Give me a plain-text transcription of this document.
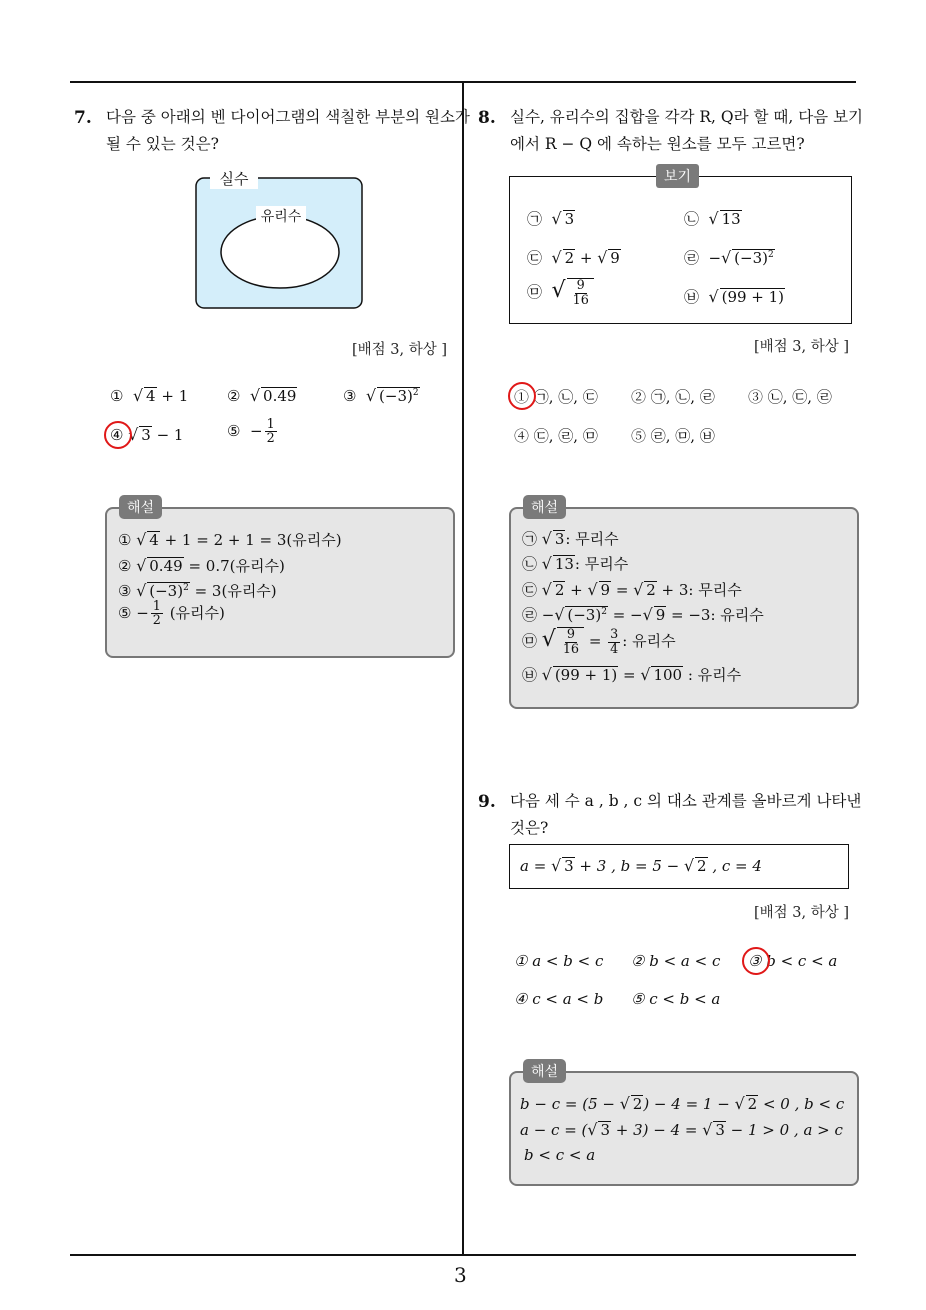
3
7. 다음 중 아래의 벤 다이어그램의 색칠한 부분의 원소가
될 수 있는 것은?
실수
유리수
[배점 3, 하상 ]
① √ 4 + 1	② √ 0.49	③ √ $(-3)^2$
④ √ 3 − 1	⑤  − $\frac{1}{2}$
해설
① √ 4 + 1 = 2 + 1 = 3(유리수)
② √ 0.49 = 0.7(유리수)
③ √ $(-3)^2 = 3$(유리수)
⑤ − $\frac{1}{2}$ (유리수)
8. 실수, 유리수의 집합을 각각 R, Q라 할 때, 다음 보기
에서 R − Q 에 속하는 원소를 모두 고르면?
보기
㉠  √ 3	㉡  √ 13
㉢  √ 2 + √ 9	㉣  −√ $(-3)^2$
㉤  √ $\frac{9}{16}$	㉥  √ (99 + 1)
[배점 3, 하상 ]
① ㉠, ㉡, ㉢ ② ㉠, ㉡, ㉣ ③ ㉡, ㉢, ㉣
④ ㉢, ㉣, ㉤ ⑤ ㉣, ㉤, ㉥
해설
㉠ √ 3: 무리수
㉡ √ 13: 무리수
㉢ √ 2 + √ 9 = √ 2 + 3: 무리수
㉣ −√ $(-3)^2$ = −√ 9 = −3: 유리수
㉤ √ $\frac{9}{16} = \frac{3}{4}$ : 유리수
㉥ √ (99 + 1) = √ 100 : 유리수
9. 다음 세 수 a , b , c 의 대소 관계를 올바르게 나타낸
것은?
a = √ 3 + 3 , b = 5 − √ 2 , c = 4
[배점 3, 하상 ]
① a < b < c ② b < a < c ③ b < c < a
④ c < a < b ⑤ c < b < a
해설
b − c = (5 − √ 2) − 4 = 1 − √ 2 < 0 , b < c
a − c = (√ 3 + 3) − 4 = √ 3 − 1 > 0 , a > c
b < c < a
